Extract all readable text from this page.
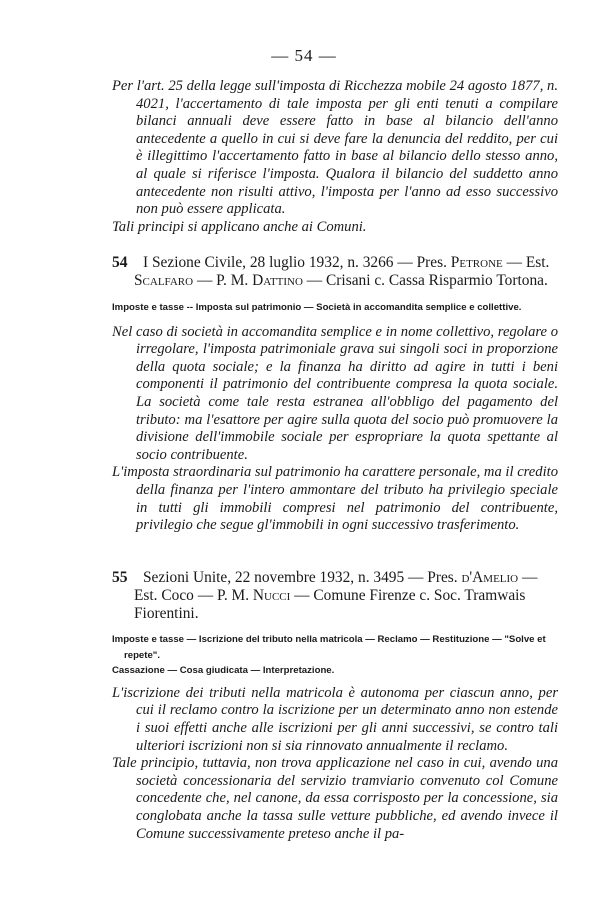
— 54 —

Per l'art. 25 della legge sull'imposta di Ricchezza mobile 24 agosto 1877, n. 4021, l'accertamento di tale imposta per gli enti tenuti a compilare bilanci annuali deve essere fatto in base al bilancio dell'anno antecedente a quello in cui si deve fare la denuncia del reddito, per cui è illegittimo l'accertamento fatto in base al bilancio dello stesso anno, al quale si riferisce l'imposta. Qualora il bilancio del suddetto anno antecedente non risulti attivo, l'imposta per l'anno ad esso successivo non può essere applicata.

Tali principi si applicano anche ai Comuni.

54	I Sezione Civile, 28 luglio 1932, n. 3266 — Pres. Petrone — Est. Scalfaro — P. M. Dattino — Crisani c. Cassa Risparmio Tortona.

Imposte e tasse -- Imposta sul patrimonio — Società in accomandita semplice e collettive.

Nel caso di società in accomandita semplice e in nome collettivo, regolare o irregolare, l'imposta patrimoniale grava sui singoli soci in proporzione della quota sociale; e la finanza ha diritto ad agire in tutti i beni componenti il patrimonio del contribuente compresa la quota sociale. La società come tale resta estranea all'obbligo del pagamento del tributo: ma l'esattore per agire sulla quota del socio può promuovere la divisione dell'immobile sociale per espropriare la quota spettante al socio contribuente.

L'imposta straordinaria sul patrimonio ha carattere personale, ma il credito della finanza per l'intero ammontare del tributo ha privilegio speciale in tutti gli immobili compresi nel patrimonio del contribuente, privilegio che segue gl'immobili in ogni successivo trasferimento.

55	Sezioni Unite, 22 novembre 1932, n. 3495 — Pres. d'Amelio — Est. Coco — P. M. Nucci — Comune Firenze c. Soc. Tramwais Fiorentini.

Imposte e tasse — Iscrizione del tributo nella matricola — Reclamo — Restituzione — "Solve et repete".

Cassazione — Cosa giudicata — Interpretazione.

L'iscrizione dei tributi nella matricola è autonoma per ciascun anno, per cui il reclamo contro la iscrizione per un determinato anno non estende i suoi effetti anche alle iscrizioni per gli anni successivi, se contro tali ulteriori iscrizioni non si sia rinnovato annualmente il reclamo.

Tale principio, tuttavia, non trova applicazione nel caso in cui, avendo una società concessionaria del servizio tramviario convenuto col Comune concedente che, nel canone, da essa corrisposto per la concessione, sia conglobata anche la tassa sulle vetture pubbliche, ed avendo invece il Comune successivamente preteso anche il pa-
